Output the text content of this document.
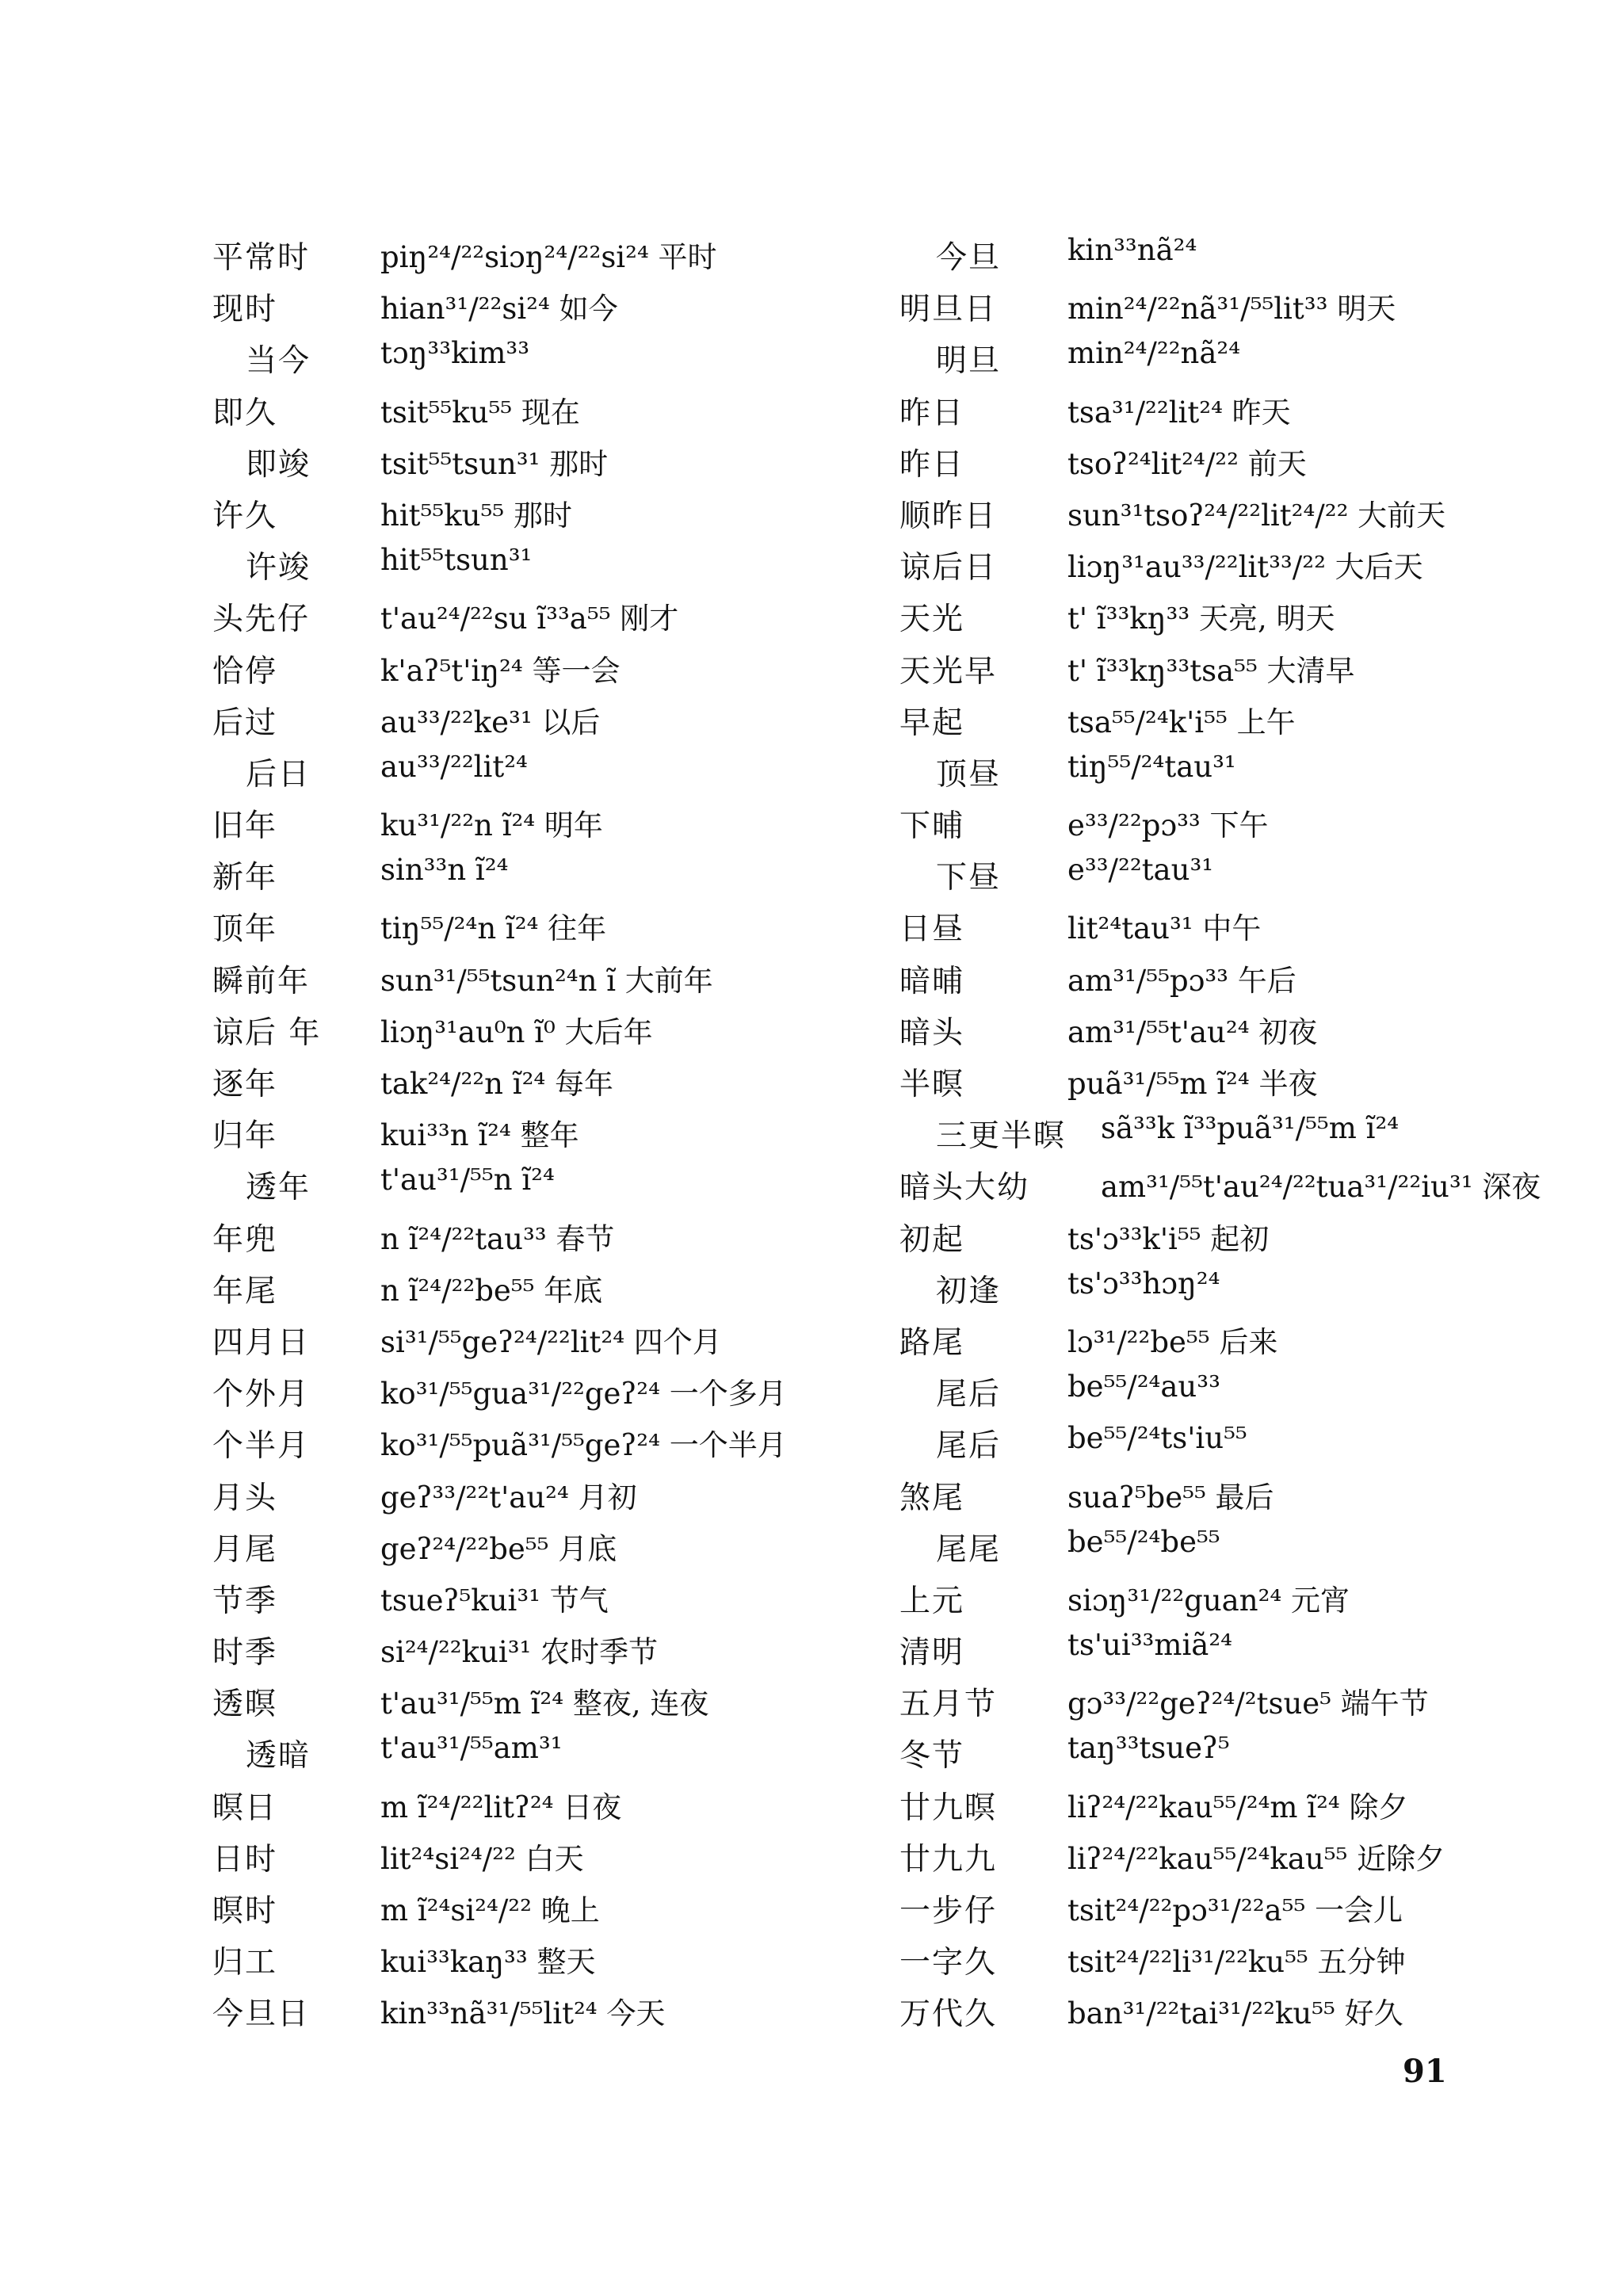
平常时 piŋ²⁴/²²siɔŋ²⁴/²²si²⁴ 平时
现时	hian³¹/²²si²⁴ 如今
当今 tɔŋ³³kim³³
即久	tsit⁵⁵ku⁵⁵ 现在
即竣 tsit⁵⁵tsun³¹ 那时
许久	hit⁵⁵ku⁵⁵ 那时
许竣 hit⁵⁵tsun³¹
头先仔 t'au²⁴/²²su ĩ³³a⁵⁵ 刚才
恰停	k'aʔ⁵t'iŋ²⁴ 等一会
后过	au³³/²²ke³¹ 以后
后日 au³³/²²lit²⁴
旧年	ku³¹/²²n ĩ²⁴ 明年
新年	sin³³n ĩ²⁴
顶年	tiŋ⁵⁵/²⁴n ĩ²⁴ 往年
瞬前年 sun³¹/⁵⁵tsun²⁴n ĩ 大前年
谅后 年 liɔŋ³¹au⁰n ĩ⁰ 大后年
逐年	tak²⁴/²²n ĩ²⁴ 每年
归年	kui³³n ĩ²⁴ 整年
透年 t'au³¹/⁵⁵n ĩ²⁴
年兜	n ĩ²⁴/²²tau³³ 春节
年尾	n ĩ²⁴/²²be⁵⁵ 年底
四月日 si³¹/⁵⁵geʔ²⁴/²²lit²⁴ 四个月
个外月 ko³¹/⁵⁵gua³¹/²²geʔ²⁴ 一个多月
个半月 ko³¹/⁵⁵puã³¹/⁵⁵geʔ²⁴ 一个半月
月头	geʔ³³/²²t'au²⁴ 月初
月尾	geʔ²⁴/²²be⁵⁵ 月底
节季	tsueʔ⁵kui³¹ 节气
时季	si²⁴/²²kui³¹ 农时季节
透暝	t'au³¹/⁵⁵m ĩ²⁴ 整夜, 连夜
透暗 t'au³¹/⁵⁵am³¹
暝日	m ĩ²⁴/²²litʔ²⁴ 日夜
日时	lit²⁴si²⁴/²² 白天
暝时	m ĩ²⁴si²⁴/²² 晚上
归工	kui³³kaŋ³³ 整天
今旦日 kin³³nã³¹/⁵⁵lit²⁴ 今天
今旦 kin³³nã²⁴
明旦日 min²⁴/²²nã³¹/⁵⁵lit³³ 明天
明旦 min²⁴/²²nã²⁴
昨日	tsa³¹/²²lit²⁴ 昨天
昨日	tsoʔ²⁴lit²⁴/²² 前天
顺昨日 sun³¹tsoʔ²⁴/²²lit²⁴/²² 大前天
谅后日 liɔŋ³¹au³³/²²lit³³/²² 大后天
天光	t' ĩ³³kŋ³³ 天亮, 明天
天光早 t' ĩ³³kŋ³³tsa⁵⁵ 大清早
早起	tsa⁵⁵/²⁴k'i⁵⁵ 上午
顶昼 tiŋ⁵⁵/²⁴tau³¹
下晡	e³³/²²pɔ³³ 下午
下昼 e³³/²²tau³¹
日昼	lit²⁴tau³¹ 中午
暗晡	am³¹/⁵⁵pɔ³³ 午后
暗头	am³¹/⁵⁵t'au²⁴ 初夜
半暝	puã³¹/⁵⁵m ĩ²⁴ 半夜
三更半暝 sã³³k ĩ³³puã³¹/⁵⁵m ĩ²⁴
暗头大幼 am³¹/⁵⁵t'au²⁴/²²tua³¹/²²iu³¹ 深夜
初起	ts'ɔ³³k'i⁵⁵ 起初
初逢 ts'ɔ³³hɔŋ²⁴
路尾	lɔ³¹/²²be⁵⁵ 后来
尾后 be⁵⁵/²⁴au³³
尾后 be⁵⁵/²⁴ts'iu⁵⁵
煞尾	suaʔ⁵be⁵⁵ 最后
尾尾 be⁵⁵/²⁴be⁵⁵
上元	siɔŋ³¹/²²guan²⁴ 元宵
清明	ts'ui³³miã²⁴
五月节 gɔ³³/²²geʔ²⁴/²tsue⁵ 端午节
冬节	taŋ³³tsueʔ⁵
廿九暝 liʔ²⁴/²²kau⁵⁵/²⁴m ĩ²⁴ 除夕
廿九九 liʔ²⁴/²²kau⁵⁵/²⁴kau⁵⁵ 近除夕
一步仔 tsit²⁴/²²pɔ³¹/²²a⁵⁵ 一会儿
一字久 tsit²⁴/²²li³¹/²²ku⁵⁵ 五分钟
万代久 ban³¹/²²tai³¹/²²ku⁵⁵ 好久
91
